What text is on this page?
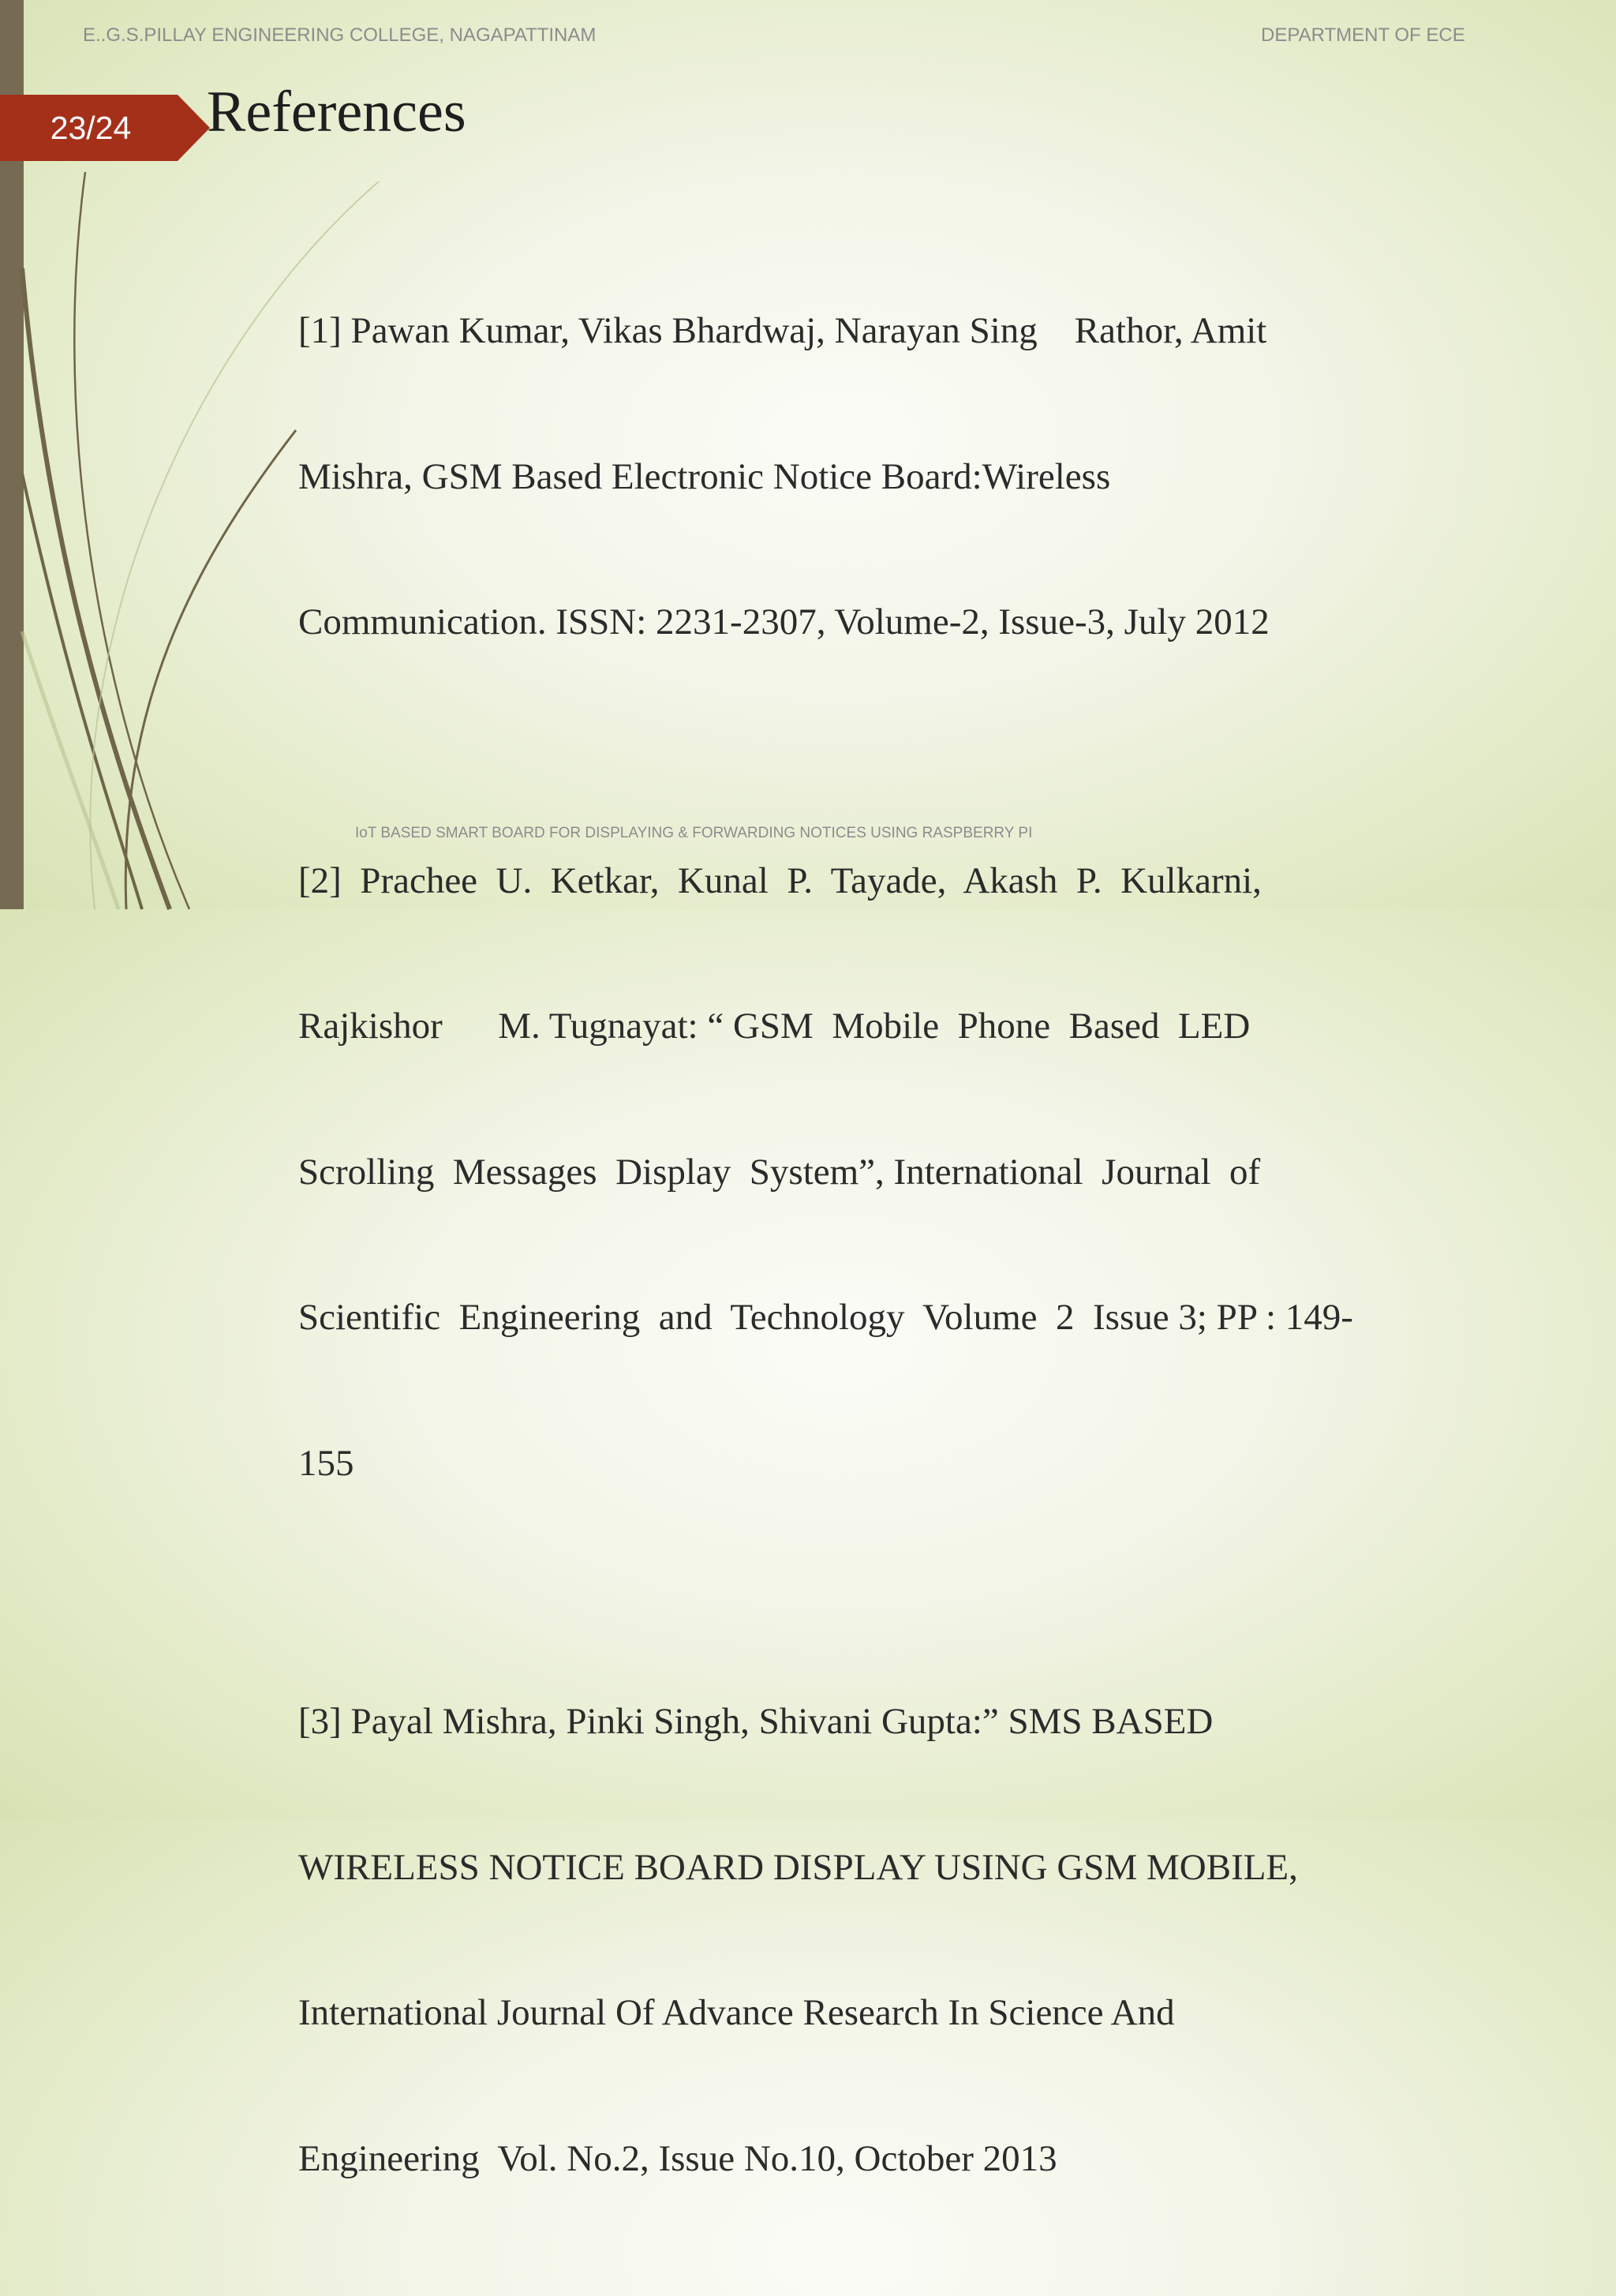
E..G.S.PILLAY ENGINEERING COLLEGE, NAGAPATTINAM	DEPARTMENT OF ECE
23/24	References

[1] Pawan Kumar, Vikas Bhardwaj, Narayan Sing    Rathor, Amit

Mishra, GSM Based Electronic Notice Board:Wireless

Communication. ISSN: 2231-2307, Volume-2, Issue-3, July 2012

[2]  Prachee  U.  Ketkar,  Kunal  P.  Tayade,  Akash  P.  Kulkarni,

Rajkishor      M. Tugnayat: “ GSM  Mobile  Phone  Based  LED

Scrolling  Messages  Display  System”, International  Journal  of

Scientific  Engineering  and  Technology  Volume  2  Issue 3; PP : 149-

155

[3] Payal Mishra, Pinki Singh, Shivani Gupta:” SMS BASED

WIRELESS NOTICE BOARD DISPLAY USING GSM MOBILE,

International Journal Of Advance Research In Science And

Engineering  Vol. No.2, Issue No.10, October 2013

IoT BASED SMART BOARD FOR DISPLAYING & FORWARDING NOTICES USING RASPBERRY PI
